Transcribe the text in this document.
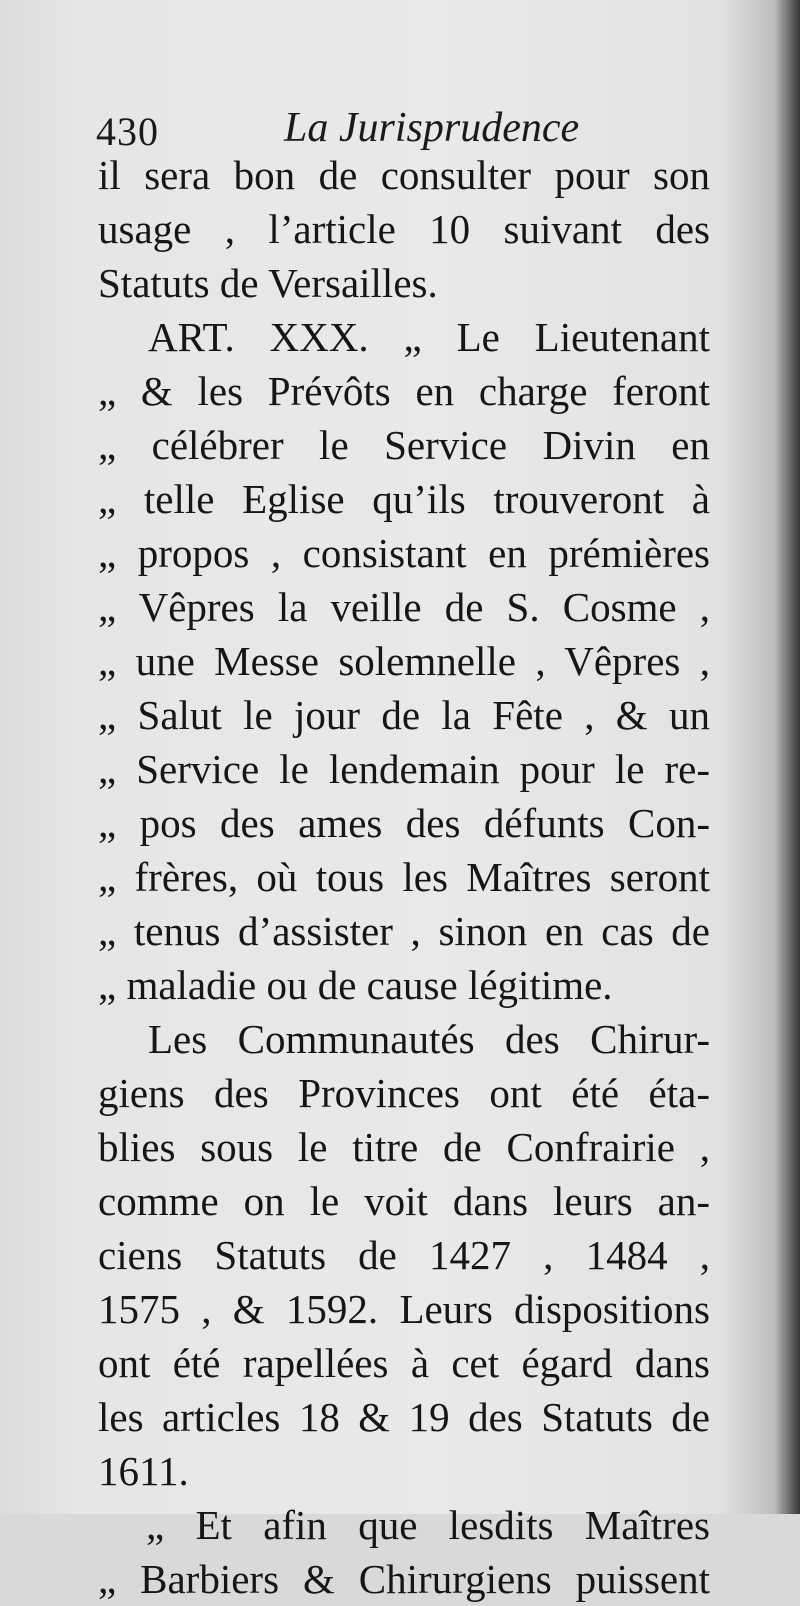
430	La Jurisprudence
il sera bon de consulter pour son
usage , l’article 10 suivant des
Statuts de Versailles.
ART. XXX. „ Le Lieutenant
„ & les Prévôts en charge feront
„ célébrer le Service Divin en
„ telle Eglise qu’ils trouveront à
„ propos , consistant en prémières
„ Vêpres la veille de S. Cosme ,
„ une Messe solemnelle , Vêpres ,
„ Salut le jour de la Fête , & un
„ Service le lendemain pour le re-
„ pos des ames des défunts Con-
„ frères, où tous les Maîtres seront
„ tenus d’assister , sinon en cas de
„ maladie ou de cause légitime.
Les Communautés des Chirur-
giens des Provinces ont été éta-
blies sous le titre de Confrairie ,
comme on le voit dans leurs an-
ciens Statuts de 1427 , 1484 ,
1575 , & 1592. Leurs dispositions
ont été rapellées à cet égard dans
les articles 18 & 19 des Statuts de
1611.
„ Et afin que lesdits Maîtres
„ Barbiers & Chirurgiens puissent
